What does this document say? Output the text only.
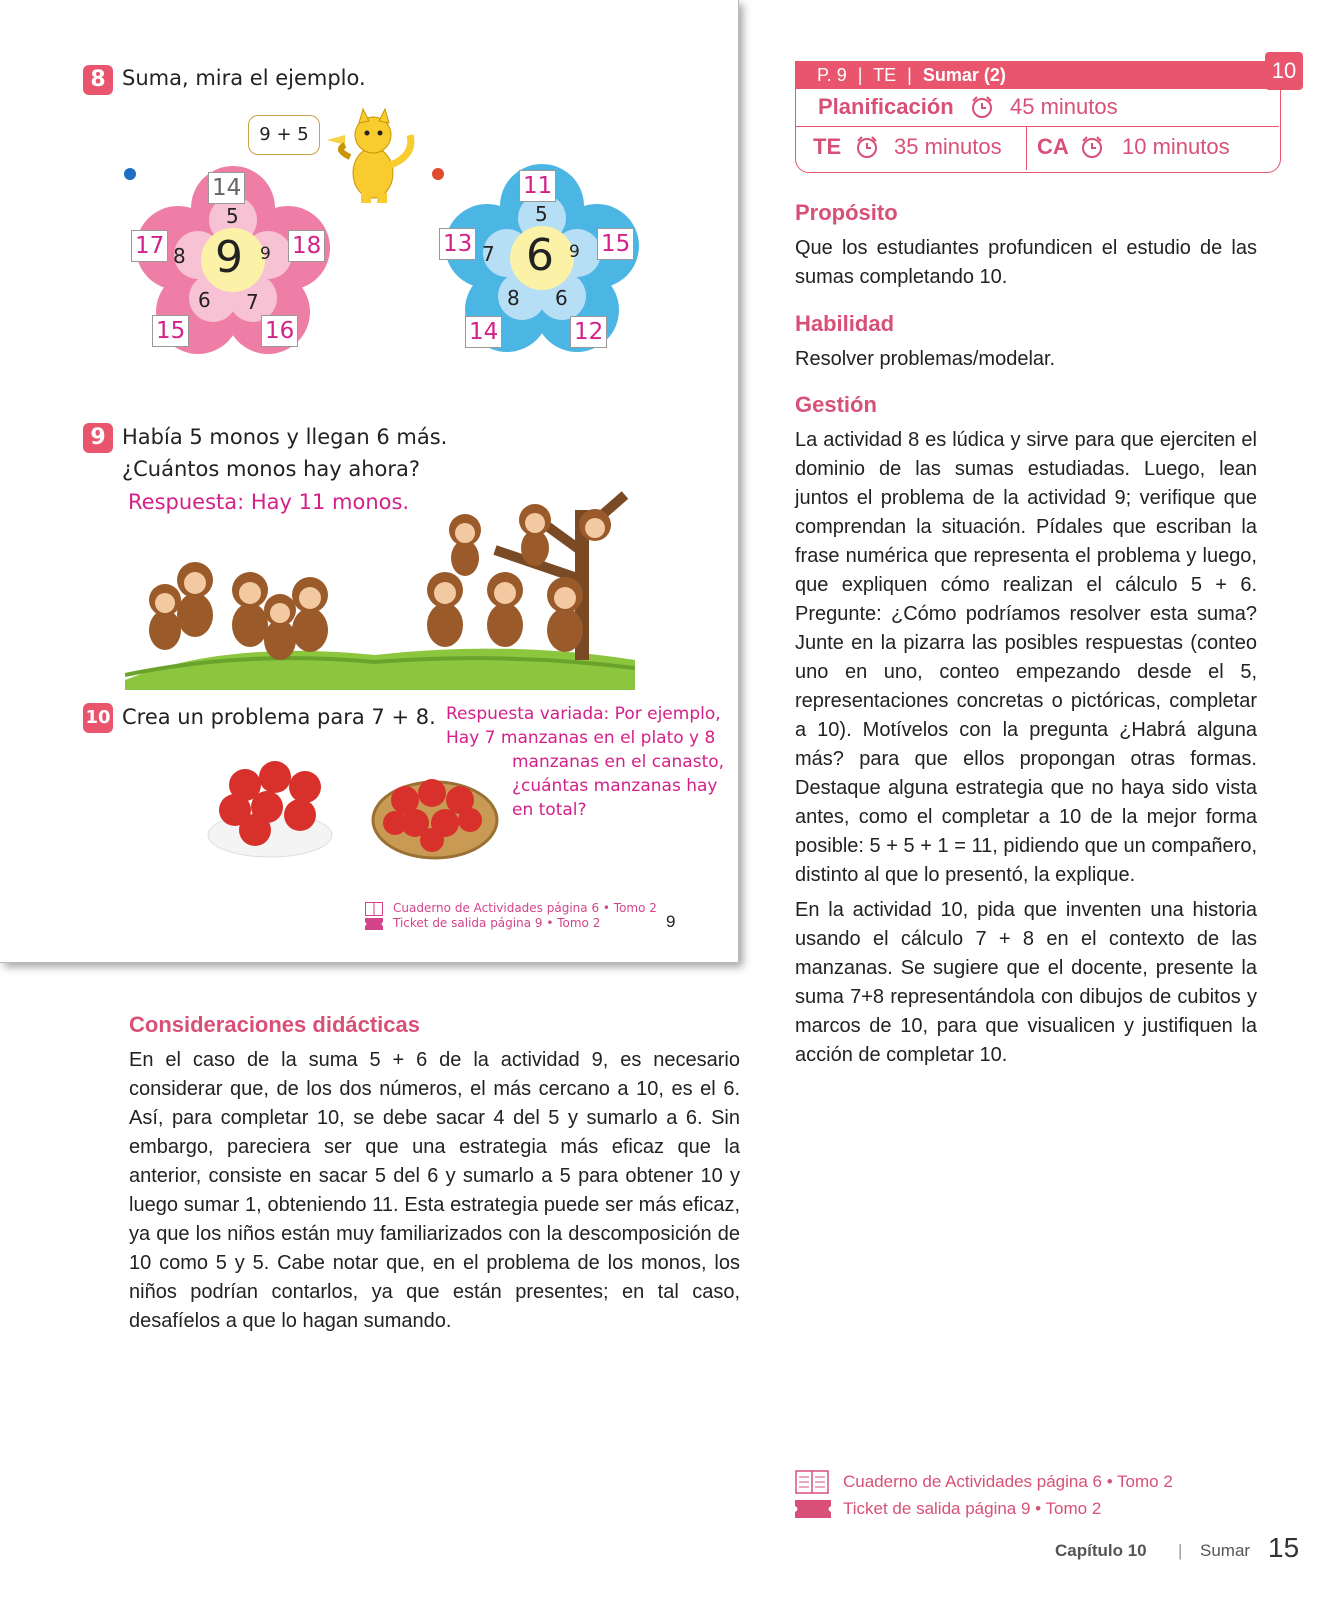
8 Suma, mira el ejemplo.
9 + 5
9
5
9
7
6
8
14
18
16
15
17	6
5
9
6
8
7
11
15
12
14
13
9 Había 5 monos y llegan 6 más.
¿Cuántos monos hay ahora?
Respuesta: Hay 11 monos.
10 Crea un problema para 7 + 8. Respuesta variada: Por ejemplo,
Hay 7 manzanas en el plato y 8
manzanas en el canasto,
¿cuántas manzanas hay
en total?
Cuaderno de Actividades página 6 • Tomo 2
Ticket de salida página 9 • Tomo 2	9
Consideraciones didácticas
En el caso de la suma 5 + 6 de la actividad 9, es necesario considerar que, de los dos números, el más cercano a 10, es el 6. Así, para completar 10, se debe sacar 4 del 5 y sumarlo a 6. Sin embargo, pareciera ser que una estrategia más eficaz que la anterior, consiste en sacar 5 del 6 y sumarlo a 5 para obtener 10 y luego sumar 1, obteniendo 11. Esta estrategia puede ser más eficaz, ya que los niños están muy familiarizados con la descomposición de 10 como 5 y 5. Cabe notar que, en el problema de los monos, los niños podrían contarlos, ya que están presentes; en tal caso, desafíelos a que lo hagan sumando.
P. 9 | TE | Sumar (2)	10
Planificación	45 minutos
TE 35 minutos CA 10 minutos
Propósito
Que los estudiantes profundicen el estudio de las sumas completando 10.
Habilidad
Resolver problemas/modelar.
Gestión

La actividad 8 es lúdica y sirve para que ejerciten el dominio de las sumas estudiadas. Luego, lean juntos el problema de la actividad 9; verifique que comprendan la situación. Pídales que escriban la frase numérica que representa el problema y luego, que expliquen cómo realizan el cálculo 5 + 6. Pregunte: ¿Cómo podríamos resolver esta suma? Junte en la pizarra las posibles respuestas (conteo uno en uno, conteo empezando desde el 5, representaciones concretas o pictóricas, completar a 10). Motívelos con la pregunta ¿Habrá alguna más? para que ellos propongan otras formas. Destaque alguna estrategia que no haya sido vista antes, como el completar a 10 de la mejor forma posible: 5 + 5 + 1 = 11, pidiendo que un compañero, distinto al que lo presentó, la explique.

En la actividad 10, pida que inventen una historia usando el cálculo 7 + 8 en el contexto de las manzanas. Se sugiere que el docente, presente la suma 7+8 representándola con dibujos de cubitos y marcos de 10, para que visualicen y justifiquen la acción de completar 10.

Cuaderno de Actividades página 6 • Tomo 2
Ticket de salida página 9 • Tomo 2
Capítulo 10 | Sumar 15
